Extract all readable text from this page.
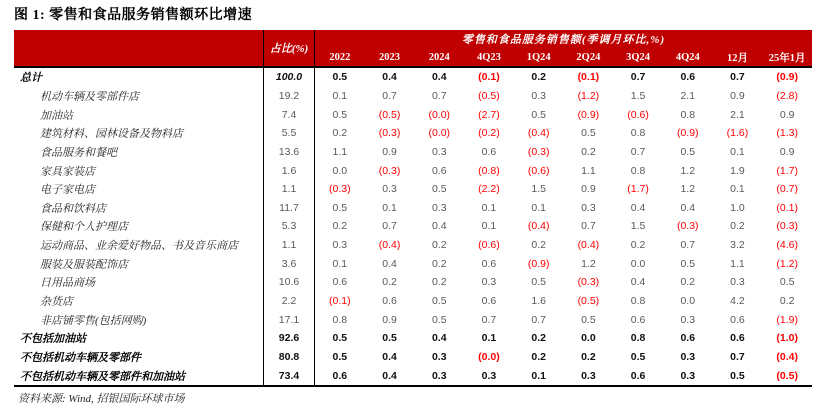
图 1: 零售和食品服务销售额环比增速
占比(%)
零售和食品服务销售额(季调月环比,%)
2022	2023	2024	4Q23	1Q24	2Q24	3Q24	4Q24	12月	25年1月
总计	100.0	0.5	0.4	0.4	(0.1)	0.2	(0.1)	0.7	0.6	0.7	(0.9)
机动车辆及零部件店	19.2	0.1	0.7	0.7	(0.5)	0.3	(1.2)	1.5	2.1	0.9	(2.8)
加油站	7.4	0.5	(0.5)	(0.0)	(2.7)	0.5	(0.9)	(0.6)	0.8	2.1	0.9
建筑材料、园林设备及物料店	5.5	0.2	(0.3)	(0.0)	(0.2)	(0.4)	0.5	0.8	(0.9)	(1.6)	(1.3)
食品服务和餐吧	13.6	1.1	0.9	0.3	0.6	(0.3)	0.2	0.7	0.5	0.1	0.9
家具家装店	1.6	0.0	(0.3)	0.6	(0.8)	(0.6)	1.1	0.8	1.2	1.9	(1.7)
电子家电店	1.1	(0.3)	0.3	0.5	(2.2)	1.5	0.9	(1.7)	1.2	0.1	(0.7)
食品和饮料店	11.7	0.5	0.1	0.3	0.1	0.1	0.3	0.4	0.4	1.0	(0.1)
保健和个人护理店	5.3	0.2	0.7	0.4	0.1	(0.4)	0.7	1.5	(0.3)	0.2	(0.3)
运动商品、业余爱好物品、书及音乐商店	1.1	0.3	(0.4)	0.2	(0.6)	0.2	(0.4)	0.2	0.7	3.2	(4.6)
服装及服装配饰店	3.6	0.1	0.4	0.2	0.6	(0.9)	1.2	0.0	0.5	1.1	(1.2)
日用品商场	10.6	0.6	0.2	0.2	0.3	0.5	(0.3)	0.4	0.2	0.3	0.5
杂货店	2.2	(0.1)	0.6	0.5	0.6	1.6	(0.5)	0.8	0.0	4.2	0.2
非店铺零售(包括网购)	17.1	0.8	0.9	0.5	0.7	0.7	0.5	0.6	0.3	0.6	(1.9)
不包括加油站	92.6	0.5	0.5	0.4	0.1	0.2	0.0	0.8	0.6	0.6	(1.0)
不包括机动车辆及零部件	80.8	0.5	0.4	0.3	(0.0)	0.2	0.2	0.5	0.3	0.7	(0.4)
不包括机动车辆及零部件和加油站	73.4	0.6	0.4	0.3	0.3	0.1	0.3	0.6	0.3	0.5	(0.5)
资料来源: Wind, 招银国际环球市场
